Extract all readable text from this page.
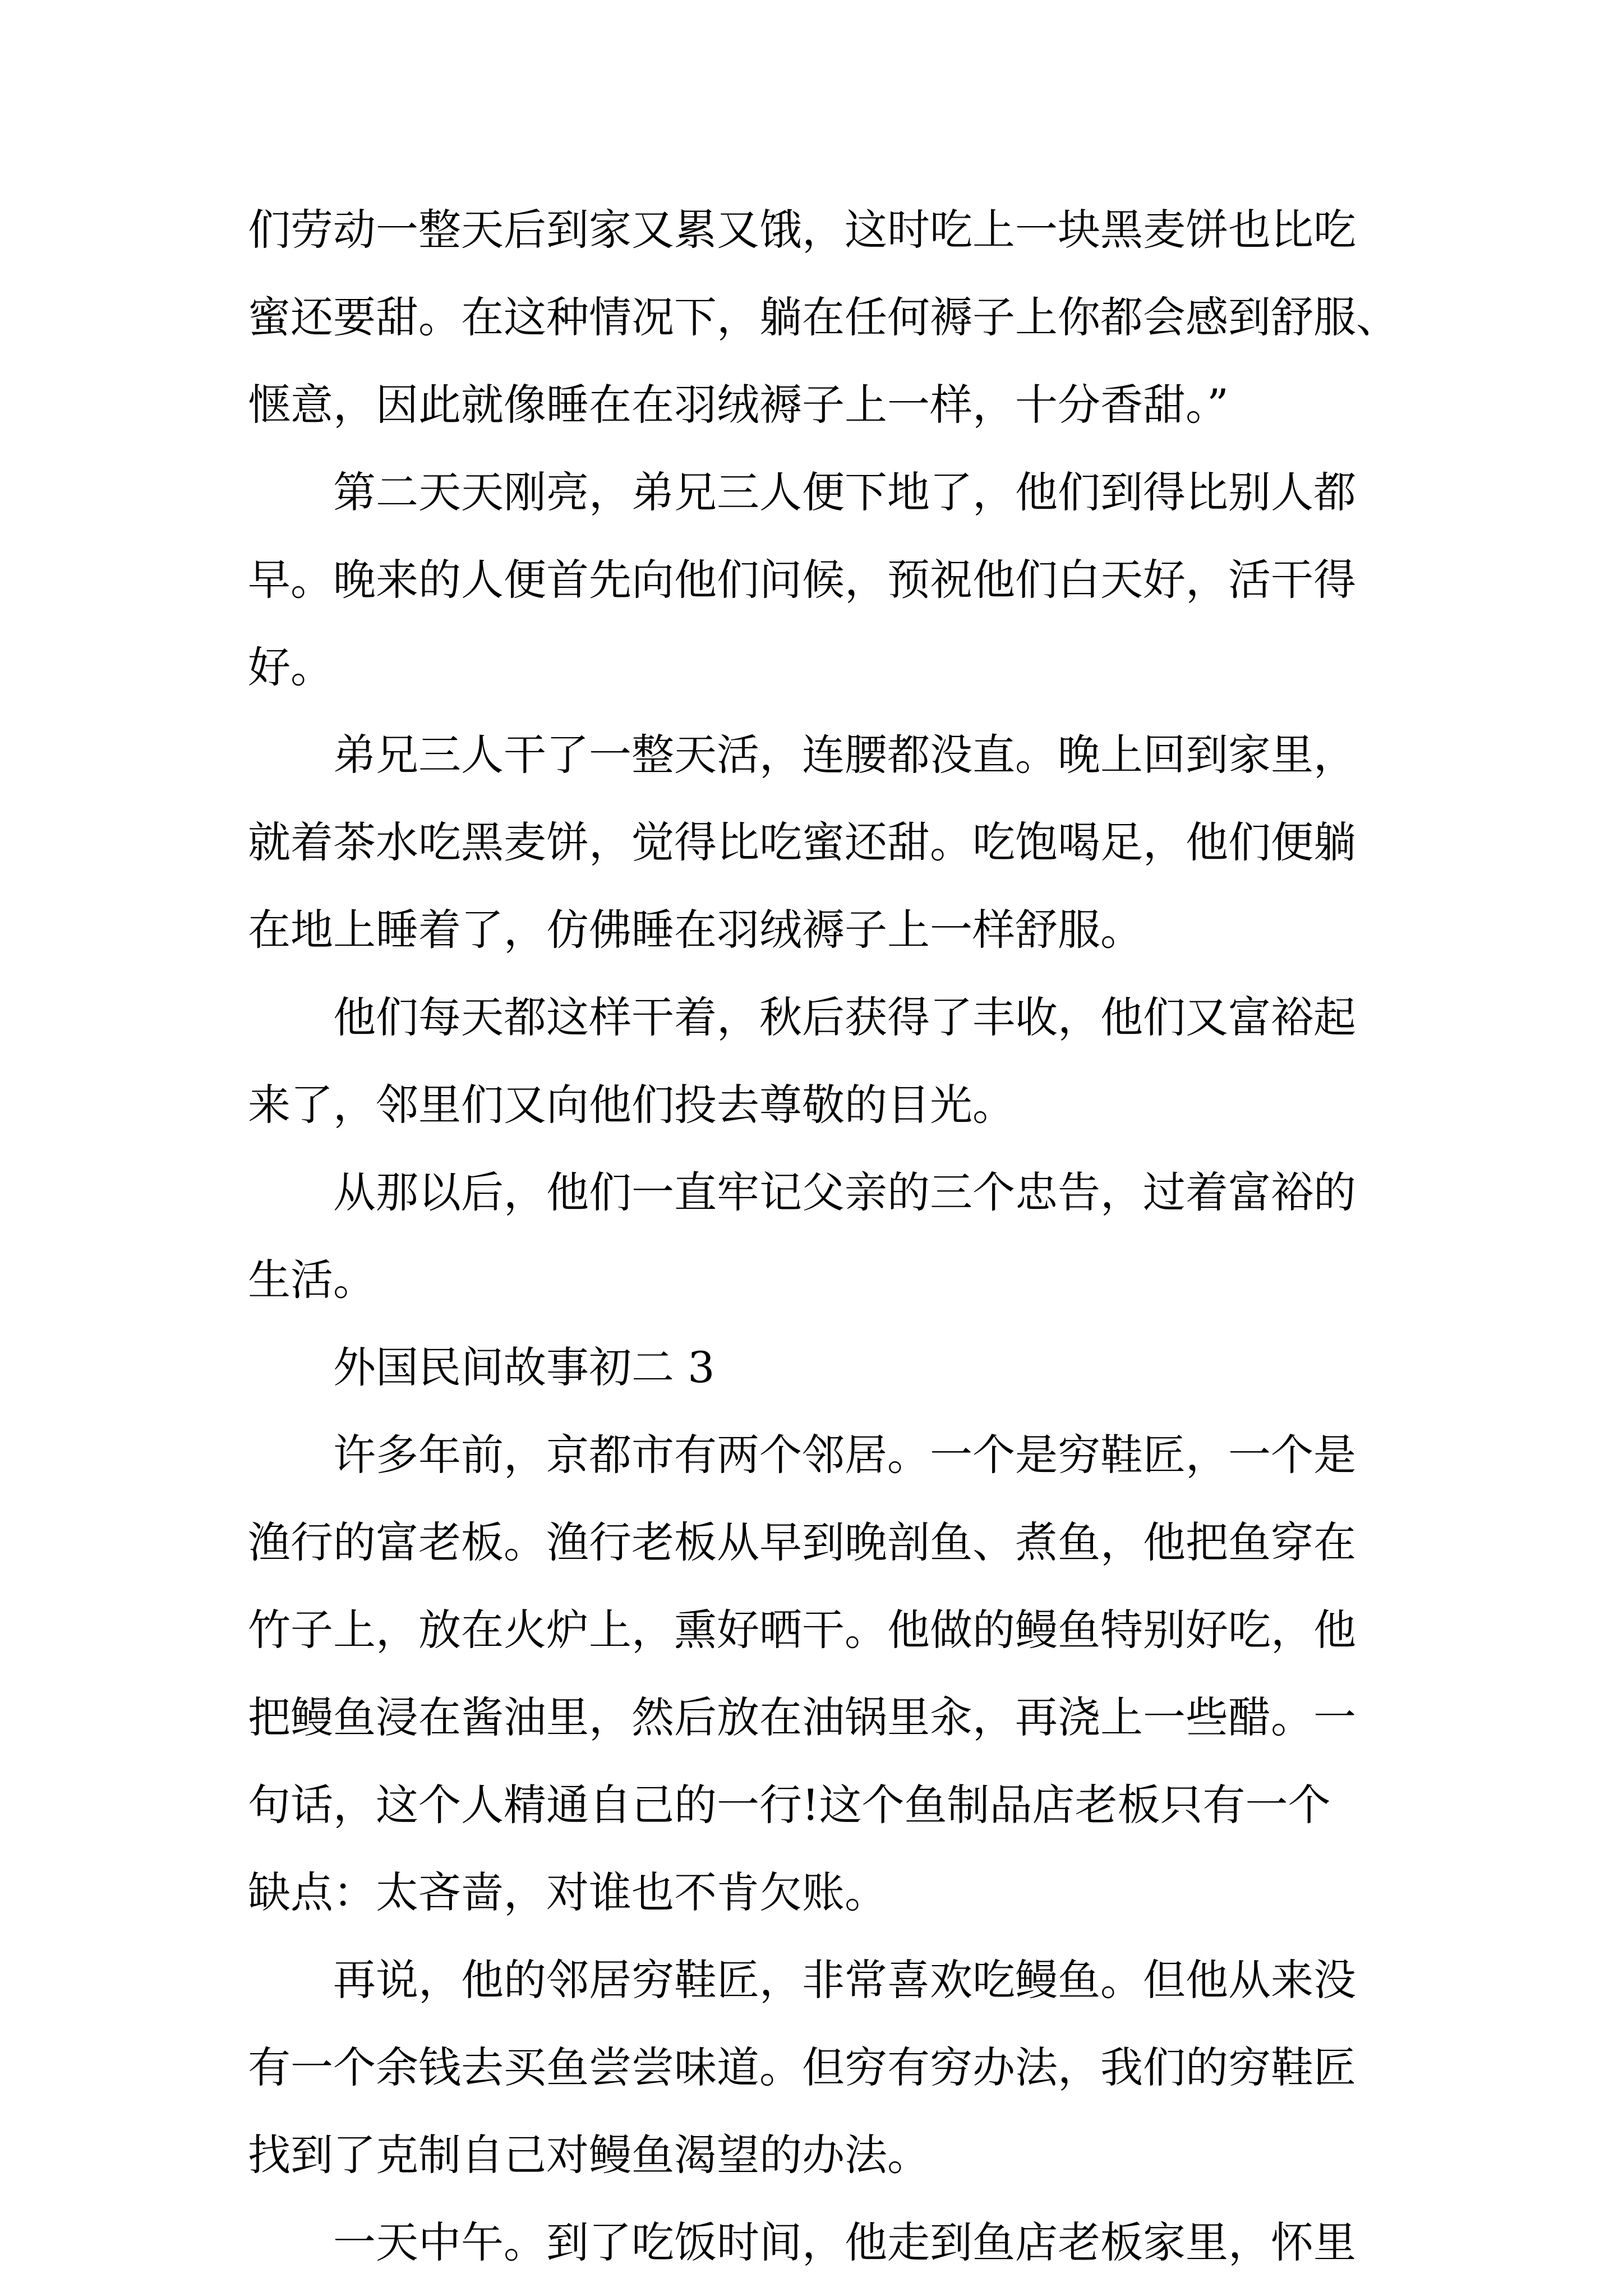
们劳动一整天后到家又累又饿，这时吃上一块黑麦饼也比吃
蜜还要甜。在这种情况下，躺在任何褥子上你都会感到舒服、
惬意，因此就像睡在在羽绒褥子上一样，十分香甜。”
第二天天刚亮，弟兄三人便下地了，他们到得比别人都
早。晚来的人便首先向他们问候，预祝他们白天好，活干得
好。
弟兄三人干了一整天活，连腰都没直。晚上回到家里，
就着茶水吃黑麦饼，觉得比吃蜜还甜。吃饱喝足，他们便躺
在地上睡着了，仿佛睡在羽绒褥子上一样舒服。
他们每天都这样干着，秋后获得了丰收，他们又富裕起
来了，邻里们又向他们投去尊敬的目光。
从那以后，他们一直牢记父亲的三个忠告，过着富裕的
生活。
外国民间故事初二 3
许多年前，京都市有两个邻居。一个是穷鞋匠，一个是
渔行的富老板。渔行老板从早到晚剖鱼、煮鱼，他把鱼穿在
竹子上，放在火炉上，熏好晒干。他做的鳗鱼特别好吃，他
把鳗鱼浸在酱油里，然后放在油锅里汆，再浇上一些醋。一
句话，这个人精通自己的一行!这个鱼制品店老板只有一个
缺点：太吝啬，对谁也不肯欠账。
再说，他的邻居穷鞋匠，非常喜欢吃鳗鱼。但他从来没
有一个余钱去买鱼尝尝味道。但穷有穷办法，我们的穷鞋匠
找到了克制自己对鳗鱼渴望的办法。
一天中午。到了吃饭时间，他走到鱼店老板家里，怀里
